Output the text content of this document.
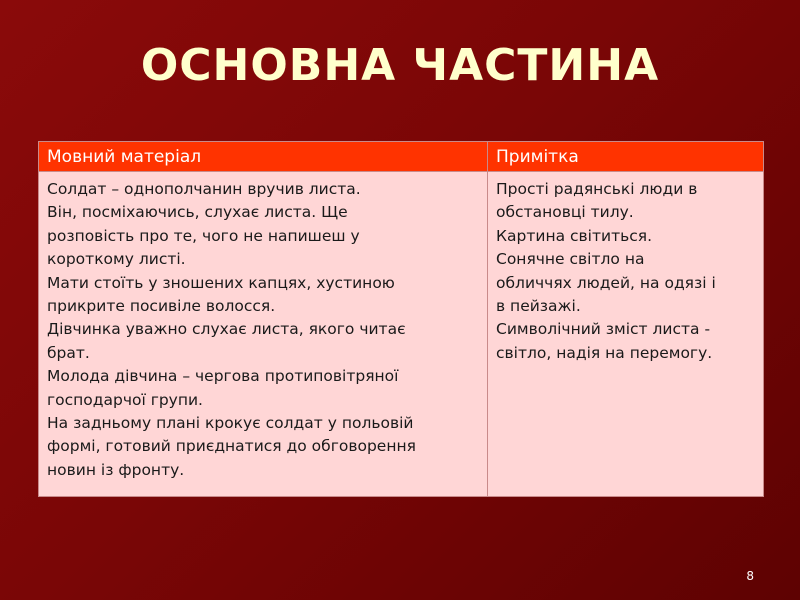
ОСНОВНА ЧАСТИНА
Мовний матеріал	Примітка
Солдат – однополчанин вручив листа.
Він, посміхаючись, слухає листа. Ще
розповість про те, чого не напишеш у
короткому листі.
Мати стоїть у зношених капцях, хустиною
прикрите посивіле волосся.
Дівчинка уважно слухає листа, якого читає
брат.
Молода дівчина – чергова протиповітряної
господарчої групи.
На задньому плані крокує солдат у польовій
формі, готовий приєднатися до обговорення
новин із фронту.
Прості радянські люди в
обстановці тилу.
Картина світиться.
Сонячне світло на
обличчях людей, на одязі і
в пейзажі.
Символічний зміст листа -
світло, надія на перемогу.
8
